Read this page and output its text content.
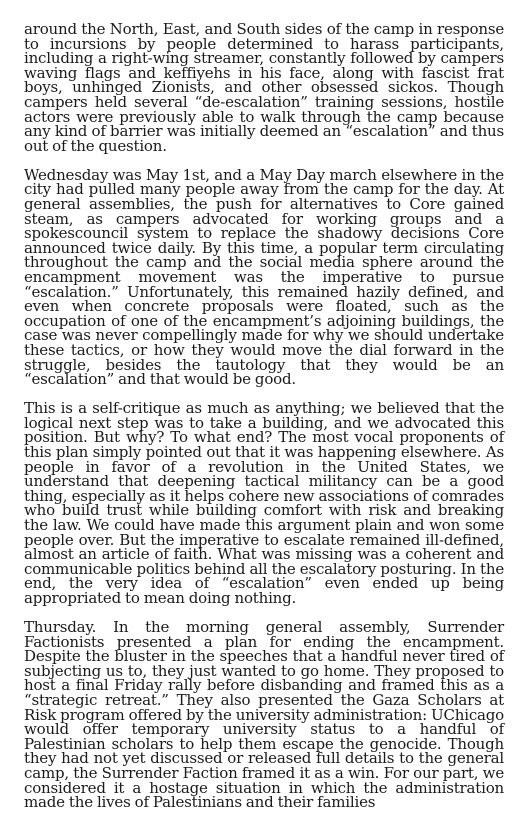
around the North, East, and South sides of the camp in response to incursions by people determined to harass participants, including a right-wing streamer, constantly followed by campers waving flags and keffiyehs in his face, along with fascist frat boys, unhinged Zionists, and other obsessed sickos. Though campers held several “de-escalation” training sessions, hostile actors were previously able to walk through the camp because any kind of barrier was initially deemed an “escalation” and thus out of the question.

Wednesday was May 1st, and a May Day march elsewhere in the city had pulled many people away from the camp for the day. At general assemblies, the push for alternatives to Core gained steam, as campers advocated for working groups and a spokescouncil system to replace the shadowy decisions Core announced twice daily. By this time, a popular term circulating throughout the camp and the social media sphere around the encampment movement was the imperative to pursue “escalation.” Unfortunately, this remained hazily defined, and even when concrete proposals were floated, such as the occupation of one of the encampment’s adjoining buildings, the case was never compellingly made for why we should undertake these tactics, or how they would move the dial forward in the struggle, besides the tautology that they would be an “escalation” and that would be good.

This is a self-critique as much as anything; we believed that the logical next step was to take a building, and we advocated this position. But why? To what end? The most vocal proponents of this plan simply pointed out that it was happening elsewhere. As people in favor of a revolution in the United States, we understand that deepening tactical militancy can be a good thing, especially as it helps cohere new associations of comrades who build trust while building comfort with risk and breaking the law. We could have made this argument plain and won some people over. But the imperative to escalate remained ill-defined, almost an article of faith. What was missing was a coherent and communicable politics behind all the escalatory posturing. In the end, the very idea of “escalation” even ended up being appropriated to mean doing nothing.

Thursday. In the morning general assembly, Surrender Factionists presented a plan for ending the encampment. Despite the bluster in the speeches that a handful never tired of subjecting us to, they just wanted to go home. They proposed to host a final Friday rally before disbanding and framed this as a “strategic retreat.” They also presented the Gaza Scholars at Risk program offered by the university administration: UChicago would offer temporary university status to a handful of Palestinian scholars to help them escape the genocide. Though they had not yet discussed or released full details to the general camp, the Surrender Faction framed it as a win. For our part, we considered it a hostage situation in which the administration made the lives of Palestinians and their families
